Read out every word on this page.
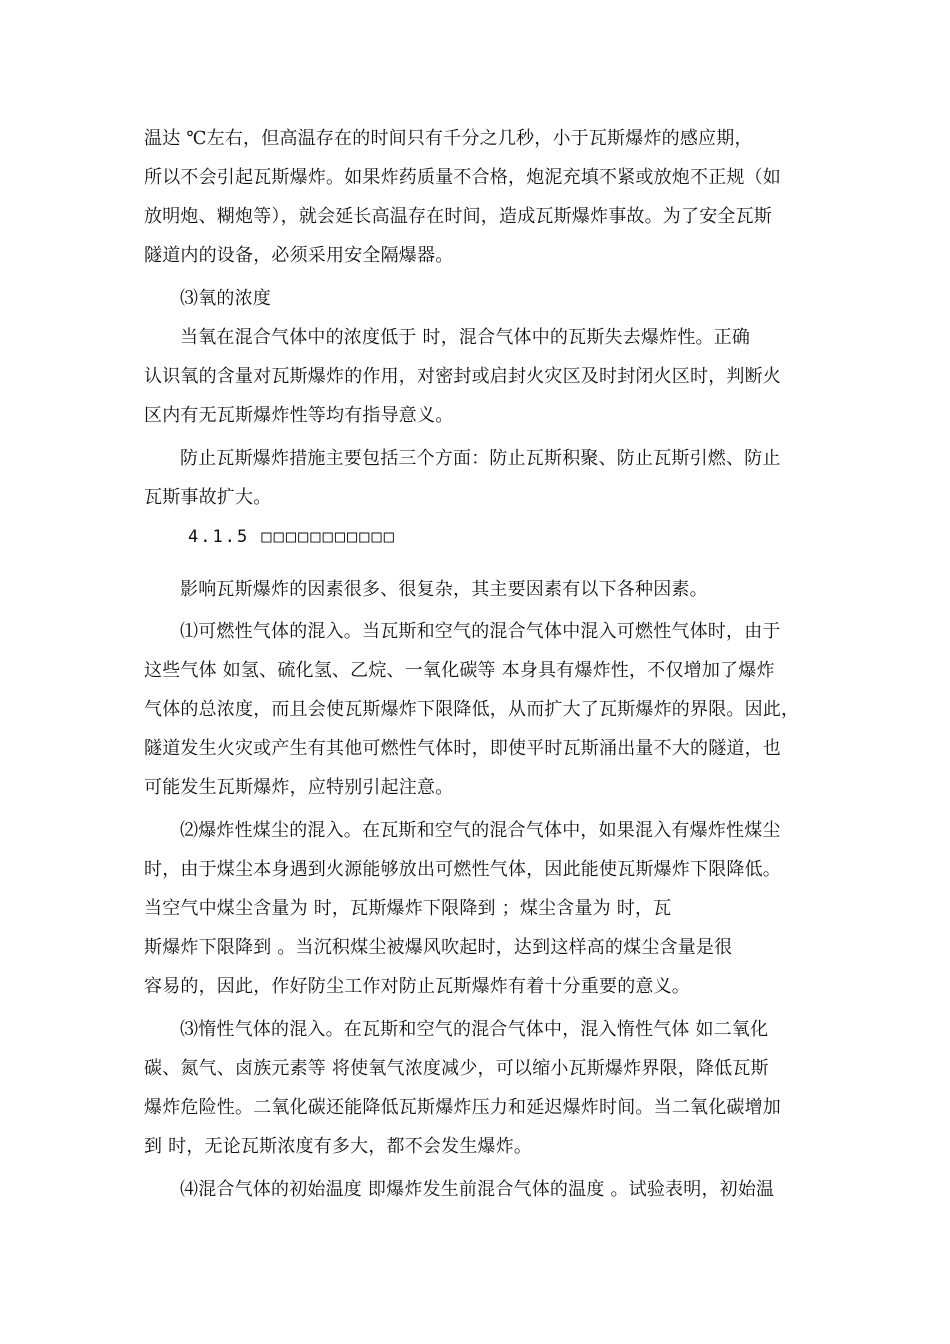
温达 ℃左右，但高温存在的时间只有千分之几秒，小于瓦斯爆炸的感应期，
所以不会引起瓦斯爆炸。如果炸药质量不合格，炮泥充填不紧或放炮不正规（如
放明炮、糊炮等），就会延长高温存在时间，造成瓦斯爆炸事故。为了安全瓦斯
隧道内的设备，必须采用安全隔爆器。
⑶氧的浓度
当氧在混合气体中的浓度低于 时，混合气体中的瓦斯失去爆炸性。正确
认识氧的含量对瓦斯爆炸的作用，对密封或启封火灾区及时封闭火区时，判断火
区内有无瓦斯爆炸性等均有指导意义。
防止瓦斯爆炸措施主要包括三个方面：防止瓦斯积聚、防止瓦斯引燃、防止
瓦斯事故扩大。
4.1.5 □□□□□□□□□□□
影响瓦斯爆炸的因素很多、很复杂，其主要因素有以下各种因素。
⑴可燃性气体的混入。当瓦斯和空气的混合气体中混入可燃性气体时，由于
这些气体 如氢、硫化氢、乙烷、一氧化碳等 本身具有爆炸性，不仅增加了爆炸
气体的总浓度，而且会使瓦斯爆炸下限降低，从而扩大了瓦斯爆炸的界限。因此，
隧道发生火灾或产生有其他可燃性气体时，即使平时瓦斯涌出量不大的隧道，也
可能发生瓦斯爆炸，应特别引起注意。
⑵爆炸性煤尘的混入。在瓦斯和空气的混合气体中，如果混入有爆炸性煤尘
时，由于煤尘本身遇到火源能够放出可燃性气体，因此能使瓦斯爆炸下限降低。
当空气中煤尘含量为 时，瓦斯爆炸下限降到 ；煤尘含量为 时，瓦
斯爆炸下限降到 。当沉积煤尘被爆风吹起时，达到这样高的煤尘含量是很
容易的，因此，作好防尘工作对防止瓦斯爆炸有着十分重要的意义。
⑶惰性气体的混入。在瓦斯和空气的混合气体中，混入惰性气体 如二氧化
碳、氮气、卤族元素等 将使氧气浓度减少，可以缩小瓦斯爆炸界限，降低瓦斯
爆炸危险性。二氧化碳还能降低瓦斯爆炸压力和延迟爆炸时间。当二氧化碳增加
到 时，无论瓦斯浓度有多大，都不会发生爆炸。
⑷混合气体的初始温度 即爆炸发生前混合气体的温度 。试验表明，初始温
